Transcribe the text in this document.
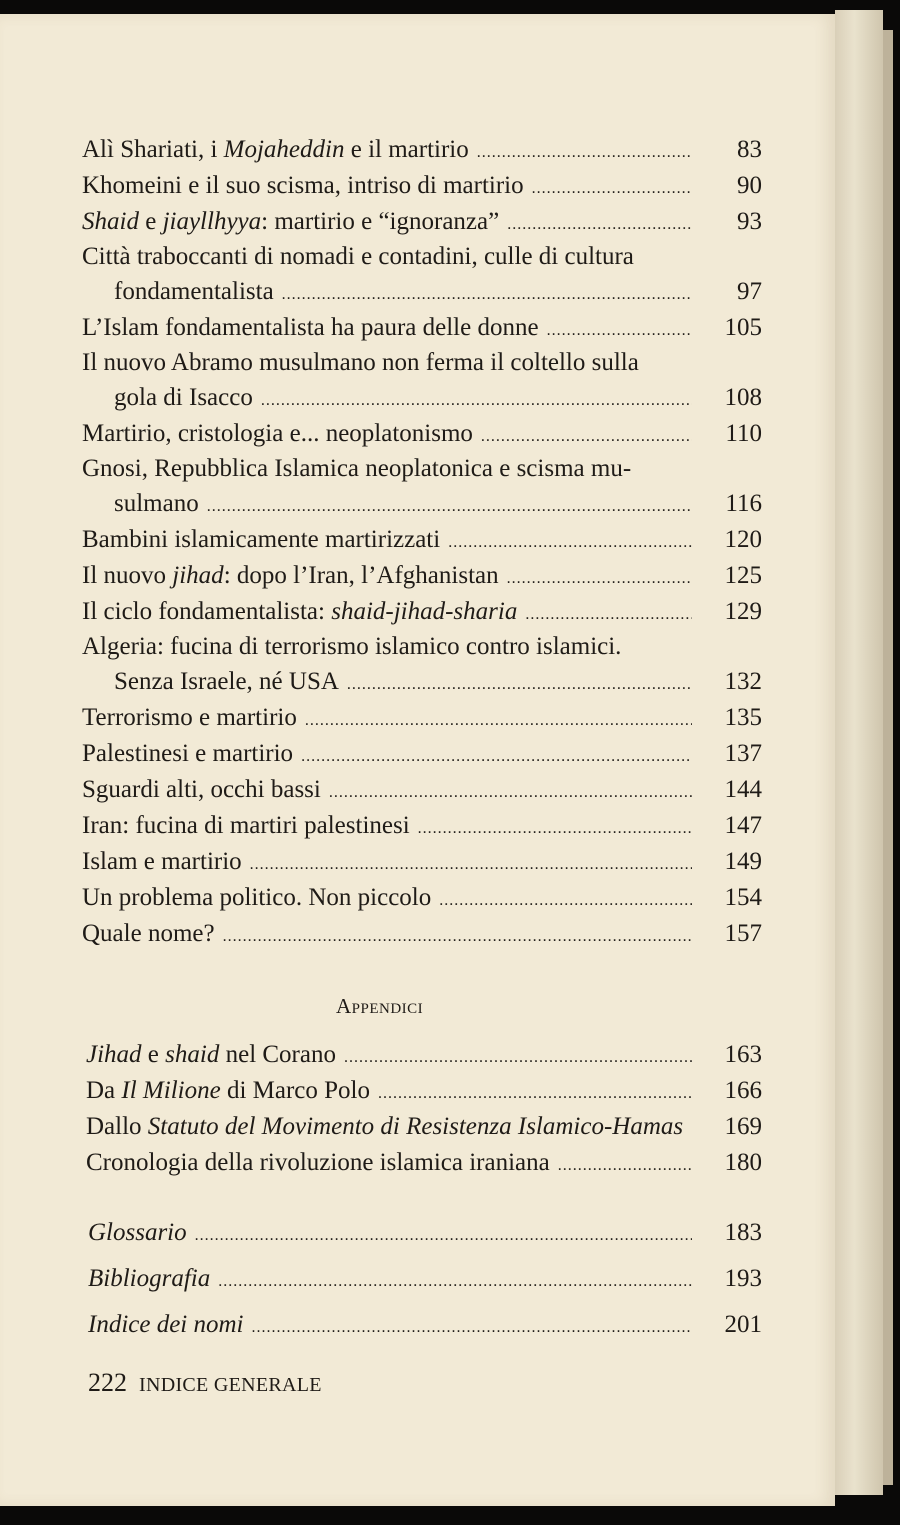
Alì Shariati, i Mojaheddin e il martirio .....	83
Khomeini e il suo scisma, intriso di martirio .....	90
Shaid e jiayllhyya: martirio e “ignoranza” .....	93
Città traboccanti di nomadi e contadini, culle di cultura
fondamentalista .....	97
L’Islam fondamentalista ha paura delle donne .....	105
Il nuovo Abramo musulmano non ferma il coltello sulla
gola di Isacco .....	108
Martirio, cristologia e... neoplatonismo .....	110
Gnosi, Repubblica Islamica neoplatonica e scisma mu-
sulmano .....	116
Bambini islamicamente martirizzati .....	120
Il nuovo jihad: dopo l’Iran, l’Afghanistan .....	125
Il ciclo fondamentalista: shaid-jihad-sharia .....	129
Algeria: fucina di terrorismo islamico contro islamici.
Senza Israele, né USA .....	132
Terrorismo e martirio .....	135
Palestinesi e martirio .....	137
Sguardi alti, occhi bassi .....	144
Iran: fucina di martiri palestinesi .....	147
Islam e martirio .....	149
Un problema politico. Non piccolo .....	154
Quale nome? .....	157
Appendici
Jihad e shaid nel Corano .....	163
Da Il Milione di Marco Polo .....	166
Dallo Statuto del Movimento di Resistenza Islamico-Hamas	169
Cronologia della rivoluzione islamica iraniana .....	180
Glossario .....	183
Bibliografia .....	193
Indice dei nomi .....	201
222 INDICE GENERALE
